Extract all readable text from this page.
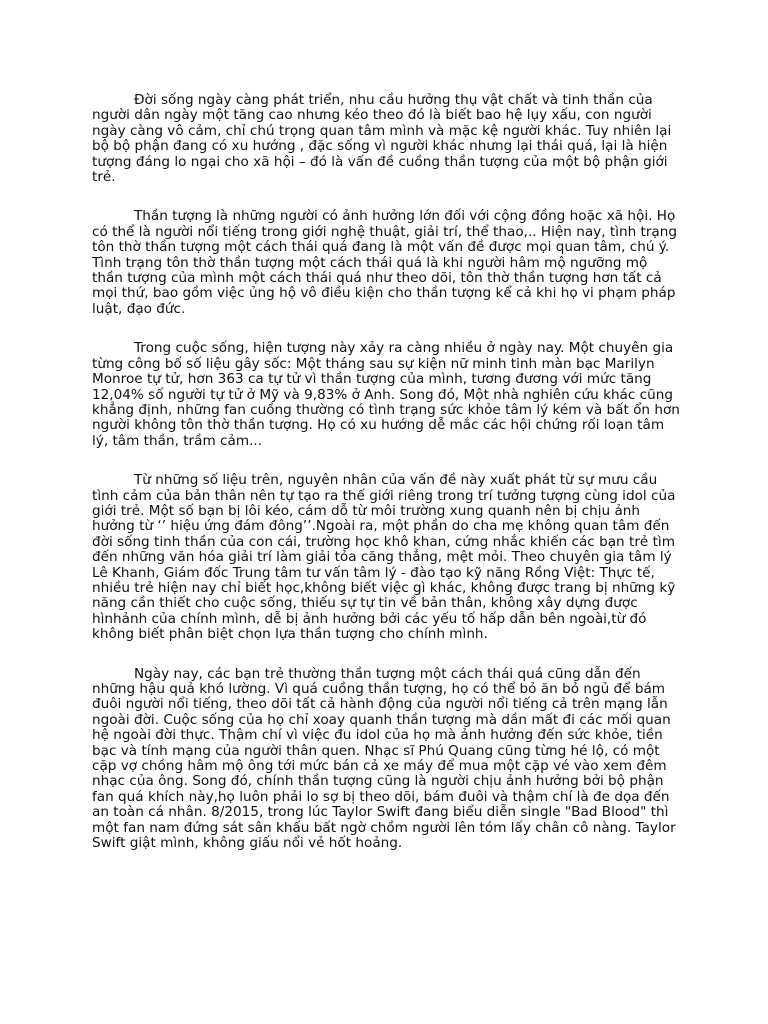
Đời sống ngày càng phát triển, nhu cầu hưởng thụ vật chất và tinh thần của người dân ngày một tăng cao nhưng kéo theo đó là biết bao hệ lụy xấu, con người ngày càng vô cảm, chỉ chú trọng quan tâm mình và mặc kệ người khác. Tuy nhiên lại bộ bộ phận đang có xu hướng , đặc sống vì người khác nhưng lại thái quá, lại là hiện tượng đáng lo ngại cho xã hội – đó là vấn đề cuồng thần tượng của một bộ phận giới trẻ.

Thần tượng là những người có ảnh hưởng lớn đối với cộng đồng hoặc xã hội. Họ có thể là người nổi tiếng trong giới nghệ thuật, giải trí, thể thao,.. Hiện nay, tình trạng tôn thờ thần tượng một cách thái quá đang là một vấn đề được mọi quan tâm, chú ý. Tình trạng tôn thờ thần tượng một cách thái quá là khi người hâm mộ ngưỡng mộ thần tượng của mình một cách thái quá như theo dõi, tôn thờ thần tượng hơn tất cả mọi thứ, bao gồm việc ủng hộ vô điều kiện cho thần tượng kể cả khi họ vi phạm pháp luật, đạo đức.

Trong cuộc sống, hiện tượng này xảy ra càng nhiều ở ngày nay. Một chuyên gia từng công bố số liệu gây sốc: Một tháng sau sự kiện nữ minh tinh màn bạc Marilyn Monroe tự tử, hơn 363 ca tự tử vì thần tượng của mình, tương đương với mức tăng 12,04% số người tự tử ở Mỹ và 9,83% ở Anh. Song đó, Một nhà nghiên cứu khác cũng khẳng định, những fan cuồng thường có tình trạng sức khỏe tâm lý kém và bất ổn hơn người không tôn thờ thần tượng. Họ có xu hướng dễ mắc các hội chứng rối loạn tâm lý, tâm thần, trầm cảm...

Từ những số liệu trên, nguyên nhân của vấn đề này xuất phát từ sự mưu cầu tình cảm của bản thân nên tự tạo ra thế giới riêng trong trí tưởng tượng cùng idol của giới trẻ. Một số bạn bị lôi kéo, cám dỗ từ môi trường xung quanh nên bị chịu ảnh hưởng từ ‘’ hiệu ứng đám đông’’.Ngoài ra, một phần do cha mẹ không quan tâm đến đời sống tinh thần của con cái, trường học khô khan, cứng nhắc khiến các bạn trẻ tìm đến những văn hóa giải trí làm giải tỏa căng thẳng, mệt mỏi. Theo chuyên gia tâm lý Lê Khanh, Giám đốc Trung tâm tư vấn tâm lý - đào tạo kỹ năng Rồng Việt: Thực tế, nhiều trẻ hiện nay chỉ biết học,không biết việc gì khác, không được trang bị những kỹ năng cần thiết cho cuộc sống, thiếu sự tự tin về bản thân, không xây dựng được hìnhảnh của chính mình, dễ bị ảnh hưởng bởi các yếu tố hấp dẫn bên ngoài,từ đó không biết phân biệt chọn lựa thần tượng cho chính mình.

Ngày nay, các bạn trẻ thường thần tượng một cách thái quá cũng dẫn đến những hậu quả khó lường. Vì quá cuồng thần tượng, họ có thể bỏ ăn bỏ ngủ để bám đuôi người nổi tiếng, theo dõi tất cả hành động của người nổi tiếng cả trên mạng lẫn ngoài đời. Cuộc sống của họ chỉ xoay quanh thần tượng mà dần mất đi các mối quan hệ ngoài đời thực. Thậm chí vì việc đu idol của họ mà ảnh hưởng đến sức khỏe, tiền bạc và tính mạng của người thân quen. Nhạc sĩ Phú Quang cũng từng hé lộ, có một cặp vợ chồng hâm mộ ông tới mức bán cả xe máy để mua một cặp vé vào xem đêm nhạc của ông. Song đó, chính thần tượng cũng là người chịu ảnh hưởng bởi bộ phận fan quá khích này,họ luôn phải lo sợ bị theo dõi, bám đuôi và thậm chí là đe dọa đến an toàn cá nhân. 8/2015, trong lúc Taylor Swift đang biểu diễn single "Bad Blood" thì một fan nam đứng sát sân khấu bất ngờ chồm người lên tóm lấy chân cô nàng. Taylor Swift giật mình, không giấu nổi vẻ hốt hoảng.
